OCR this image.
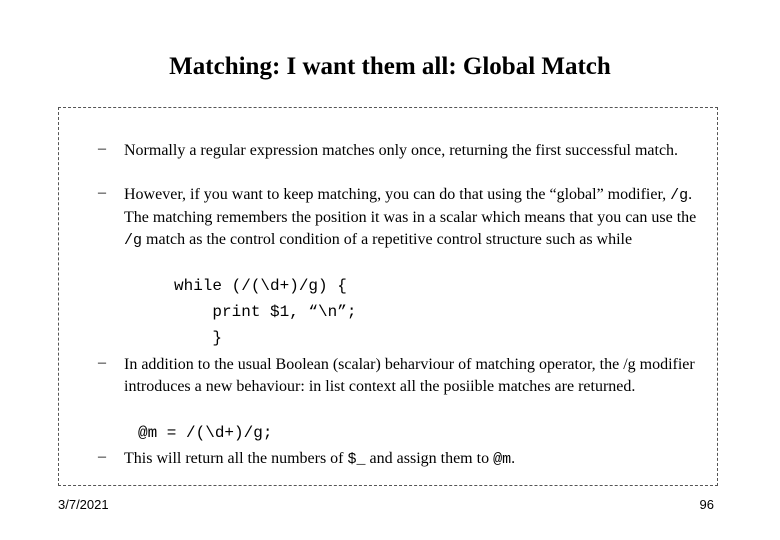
Matching: I want them all: Global Match
– Normally a regular expression matches only once, returning the first successful match.
– However, if you want to keep matching, you can do that using the “global” modifier, /g. The matching remembers the position it was in a scalar which means that you can use the /g match as the control condition of a repetitive control structure such as while
while (/(\d+)/g) {
print $1, “\n”;
}
– In addition to the usual Boolean (scalar) beharviour of matching operator, the /g modifier introduces a new behaviour: in list context all the posiible matches are returned.
@m = /(\d+)/g;
– This will return all the numbers of $_ and assign them to @m.
3/7/2021	96
